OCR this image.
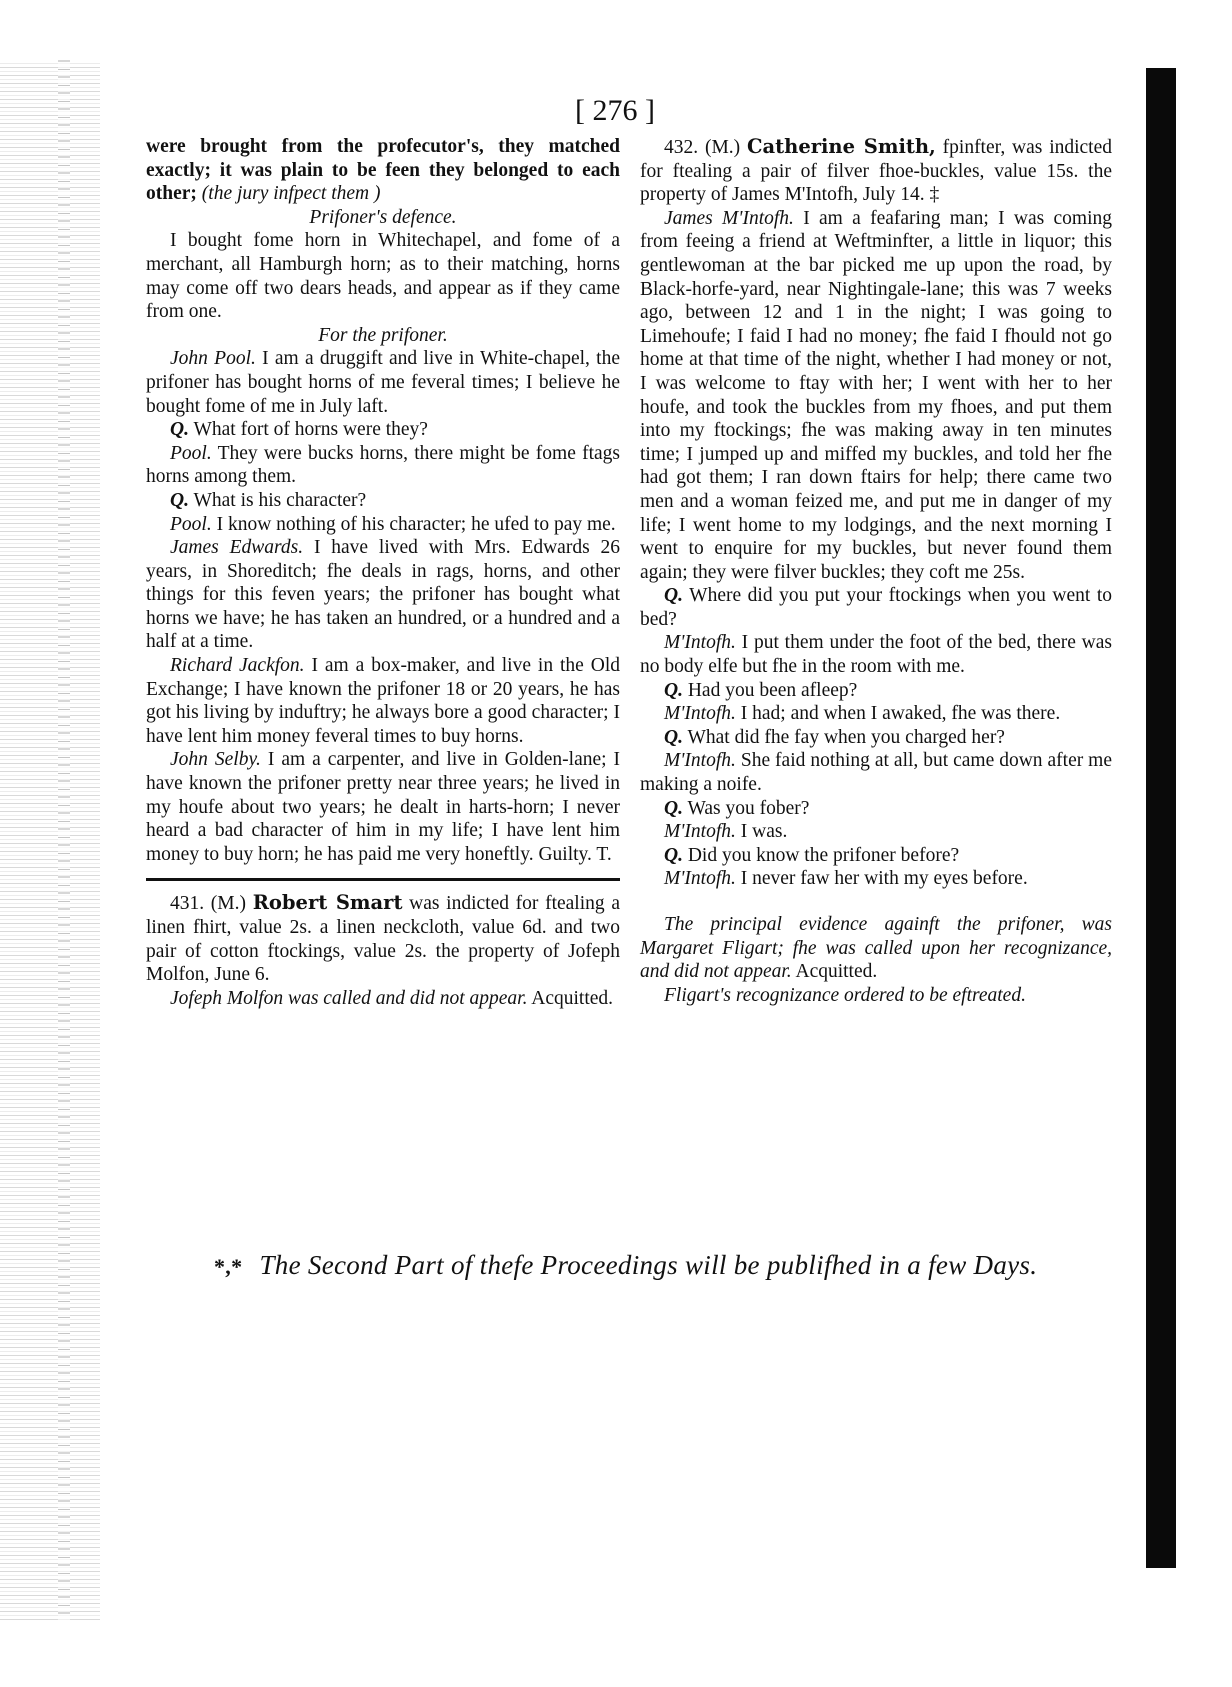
[ 276 ]

were brought from the profecutor's, they matched exactly; it was plain to be feen they belonged to each other; (the jury infpect them )

Prifoner's defence.

I bought fome horn in Whitechapel, and fome of a merchant, all Hamburgh horn; as to their matching, horns may come off two dears heads, and appear as if they came from one.

For the prifoner.

John Pool. I am a druggift and live in White-chapel, the prifoner has bought horns of me feveral times; I believe he bought fome of me in July laft.

Q. What fort of horns were they?

Pool. They were bucks horns, there might be fome ftags horns among them.

Q. What is his character?

Pool. I know nothing of his character; he ufed to pay me.

James Edwards. I have lived with Mrs. Edwards 26 years, in Shoreditch; fhe deals in rags, horns, and other things for this feven years; the prifoner has bought what horns we have; he has taken an hundred, or a hundred and a half at a time.

Richard Jackfon. I am a box-maker, and live in the Old Exchange; I have known the prifoner 18 or 20 years, he has got his living by induftry; he always bore a good character; I have lent him money feveral times to buy horns.

John Selby. I am a carpenter, and live in Golden-lane; I have known the prifoner pretty near three years; he lived in my houfe about two years; he dealt in harts-horn; I never heard a bad character of him in my life; I have lent him money to buy horn; he has paid me very honeftly. Guilty. T.

431. (M.) Robert Smart was indicted for ftealing a linen fhirt, value 2s. a linen neckcloth, value 6d. and two pair of cotton ftockings, value 2s. the property of Jofeph Molfon, June 6.

Jofeph Molfon was called and did not appear. Acquitted.

432. (M.) Catherine Smith, fpinfter, was indicted for ftealing a pair of filver fhoe-buckles, value 15s. the property of James M'Intofh, July 14. ‡

James M'Intofh. I am a feafaring man; I was coming from feeing a friend at Weftminfter, a little in liquor; this gentlewoman at the bar picked me up upon the road, by Black-horfe-yard, near Nightingale-lane; this was 7 weeks ago, between 12 and 1 in the night; I was going to Limehoufe; I faid I had no money; fhe faid I fhould not go home at that time of the night, whether I had money or not, I was welcome to ftay with her; I went with her to her houfe, and took the buckles from my fhoes, and put them into my ftockings; fhe was making away in ten minutes time; I jumped up and miffed my buckles, and told her fhe had got them; I ran down ftairs for help; there came two men and a woman feized me, and put me in danger of my life; I went home to my lodgings, and the next morning I went to enquire for my buckles, but never found them again; they were filver buckles; they coft me 25s.

Q. Where did you put your ftockings when you went to bed?

M'Intofh. I put them under the foot of the bed, there was no body elfe but fhe in the room with me.

Q. Had you been afleep?

M'Intofh. I had; and when I awaked, fhe was there.

Q. What did fhe fay when you charged her?

M'Intofh. She faid nothing at all, but came down after me making a noife.

Q. Was you fober?

M'Intofh. I was.

Q. Did you know the prifoner before?

M'Intofh. I never faw her with my eyes before.

The principal evidence againft the prifoner, was Margaret Fligart; fhe was called upon her recognizance, and did not appear. Acquitted.

Fligart's recognizance ordered to be eftreated.

*,* The Second Part of thefe Proceedings will be publifhed in a few Days.
